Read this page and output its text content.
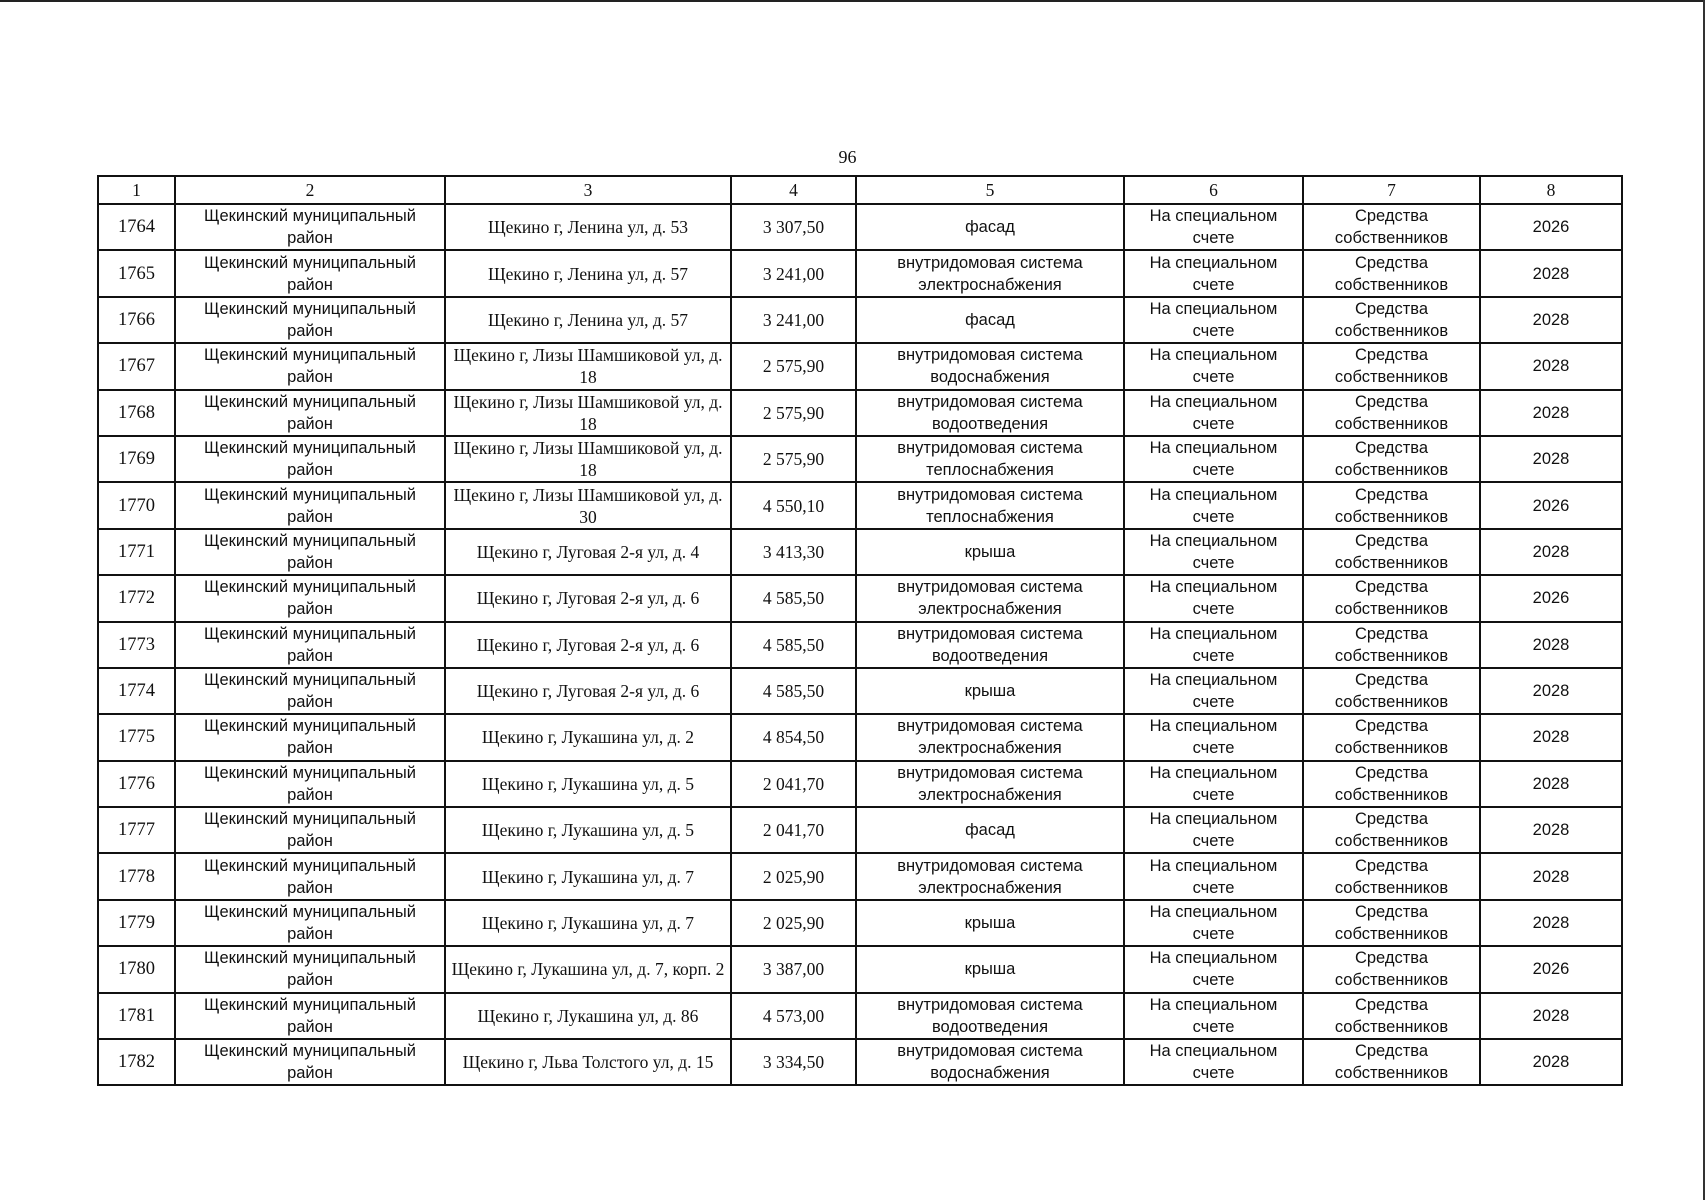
96
1	2	3	4	5	6	7	8
1764	Щекинский муниципальный район	Щекино г, Ленина ул, д. 53	3 307,50	фасад	На специальном счете	Средства собственников	2026
1765	Щекинский муниципальный район	Щекино г, Ленина ул, д. 57	3 241,00	внутридомовая система электроснабжения	На специальном счете	Средства собственников	2028
1766	Щекинский муниципальный район	Щекино г, Ленина ул, д. 57	3 241,00	фасад	На специальном счете	Средства собственников	2028
1767	Щекинский муниципальный район	Щекино г, Лизы Шамшиковой ул, д. 18	2 575,90	внутридомовая система водоснабжения	На специальном счете	Средства собственников	2028
1768	Щекинский муниципальный район	Щекино г, Лизы Шамшиковой ул, д. 18	2 575,90	внутридомовая система водоотведения	На специальном счете	Средства собственников	2028
1769	Щекинский муниципальный район	Щекино г, Лизы Шамшиковой ул, д. 18	2 575,90	внутридомовая система теплоснабжения	На специальном счете	Средства собственников	2028
1770	Щекинский муниципальный район	Щекино г, Лизы Шамшиковой ул, д. 30	4 550,10	внутридомовая система теплоснабжения	На специальном счете	Средства собственников	2026
1771	Щекинский муниципальный район	Щекино г, Луговая 2-я ул, д. 4	3 413,30	крыша	На специальном счете	Средства собственников	2028
1772	Щекинский муниципальный район	Щекино г, Луговая 2-я ул, д. 6	4 585,50	внутридомовая система электроснабжения	На специальном счете	Средства собственников	2026
1773	Щекинский муниципальный район	Щекино г, Луговая 2-я ул, д. 6	4 585,50	внутридомовая система водоотведения	На специальном счете	Средства собственников	2028
1774	Щекинский муниципальный район	Щекино г, Луговая 2-я ул, д. 6	4 585,50	крыша	На специальном счете	Средства собственников	2028
1775	Щекинский муниципальный район	Щекино г, Лукашина ул, д. 2	4 854,50	внутридомовая система электроснабжения	На специальном счете	Средства собственников	2028
1776	Щекинский муниципальный район	Щекино г, Лукашина ул, д. 5	2 041,70	внутридомовая система электроснабжения	На специальном счете	Средства собственников	2028
1777	Щекинский муниципальный район	Щекино г, Лукашина ул, д. 5	2 041,70	фасад	На специальном счете	Средства собственников	2028
1778	Щекинский муниципальный район	Щекино г, Лукашина ул, д. 7	2 025,90	внутридомовая система электроснабжения	На специальном счете	Средства собственников	2028
1779	Щекинский муниципальный район	Щекино г, Лукашина ул, д. 7	2 025,90	крыша	На специальном счете	Средства собственников	2028
1780	Щекинский муниципальный район	Щекино г, Лукашина ул, д. 7, корп. 2	3 387,00	крыша	На специальном счете	Средства собственников	2026
1781	Щекинский муниципальный район	Щекино г, Лукашина ул, д. 86	4 573,00	внутридомовая система водоотведения	На специальном счете	Средства собственников	2028
1782	Щекинский муниципальный район	Щекино г, Льва Толстого ул, д. 15	3 334,50	внутридомовая система водоснабжения	На специальном счете	Средства собственников	2028
